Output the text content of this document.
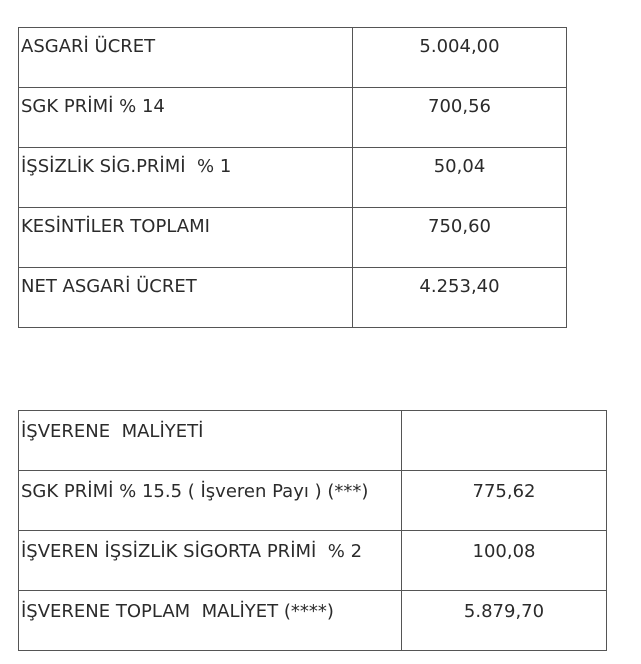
ASGARİ ÜCRET	5.004,00
SGK PRİMİ % 14	700,56
İŞSİZLİK SİG.PRİMİ  % 1	50,04
KESİNTİLER TOPLAMI	750,60
NET ASGARİ ÜCRET	4.253,40
İŞVERENE  MALİYETİ	
SGK PRİMİ % 15.5 ( İşveren Payı ) (***)	775,62
İŞVEREN İŞSİZLİK SİGORTA PRİMİ  % 2	100,08
İŞVERENE TOPLAM  MALİYET (****)	5.879,70
